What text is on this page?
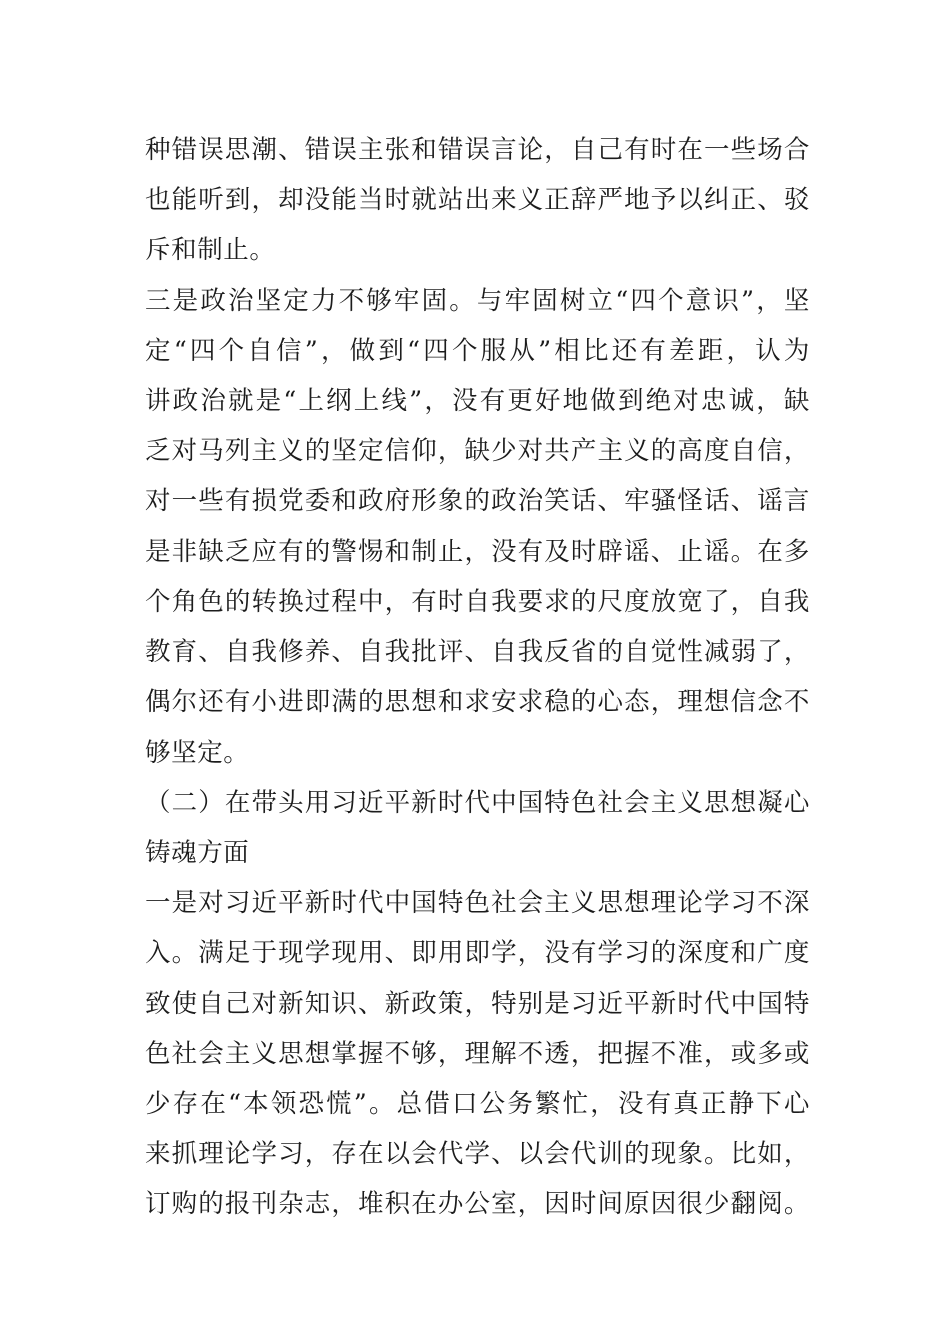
种错误思潮、错误主张和错误言论，自己有时在一些场合
也能听到，却没能当时就站出来义正辞严地予以纠正、驳
斥和制止。
三是政治坚定力不够牢固。与牢固树立“四个意识”，坚
定“四个自信”，做到“四个服从”相比还有差距，认为
讲政治就是“上纲上线”，没有更好地做到绝对忠诚，缺
乏对马列主义的坚定信仰，缺少对共产主义的高度自信，
对一些有损党委和政府形象的政治笑话、牢骚怪话、谣言
是非缺乏应有的警惕和制止，没有及时辟谣、止谣。在多
个角色的转换过程中，有时自我要求的尺度放宽了，自我
教育、自我修养、自我批评、自我反省的自觉性减弱了，
偶尔还有小进即满的思想和求安求稳的心态，理想信念不
够坚定。
（二）在带头用习近平新时代中国特色社会主义思想凝心
铸魂方面
一是对习近平新时代中国特色社会主义思想理论学习不深
入。满足于现学现用、即用即学，没有学习的深度和广度
致使自己对新知识、新政策，特别是习近平新时代中国特
色社会主义思想掌握不够，理解不透，把握不准，或多或
少存在“本领恐慌”。总借口公务繁忙，没有真正静下心
来抓理论学习，存在以会代学、以会代训的现象。比如，
订购的报刊杂志，堆积在办公室，因时间原因很少翻阅。
